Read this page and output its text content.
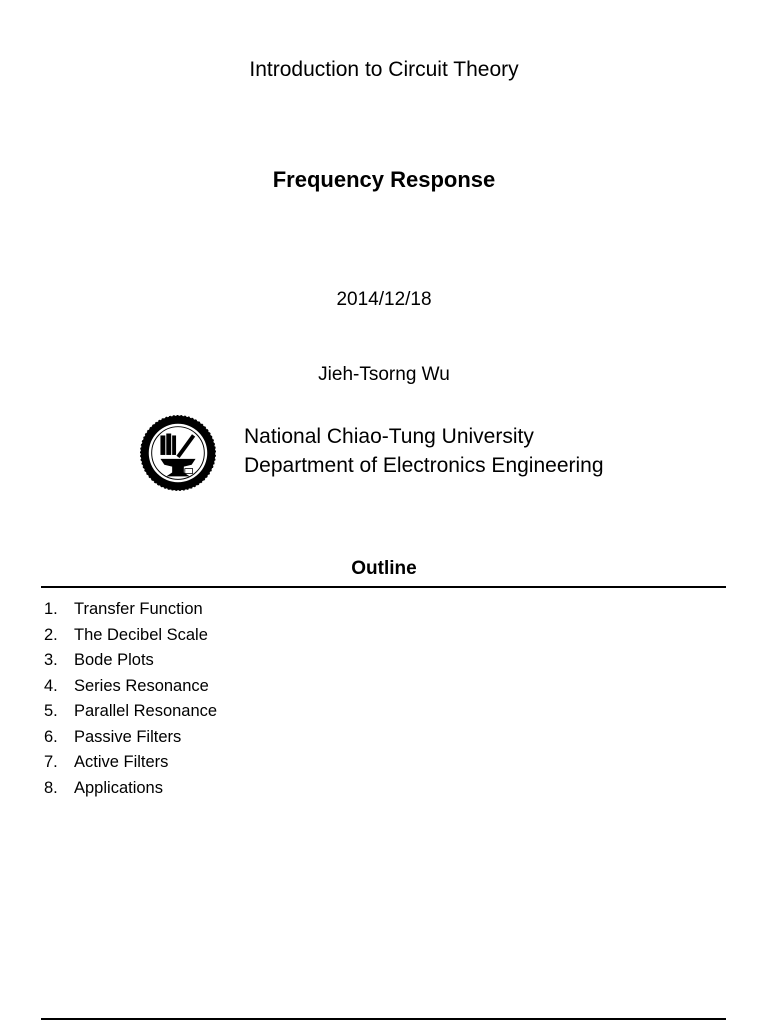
Introduction to Circuit Theory
Frequency Response
2014/12/18
Jieh-Tsorng Wu
National Chiao-Tung University
Department of Electronics Engineering
Outline
1. Transfer Function
2. The Decibel Scale
3. Bode Plots
4. Series Resonance
5. Parallel Resonance
6. Passive Filters
7. Active Filters
8. Applications
